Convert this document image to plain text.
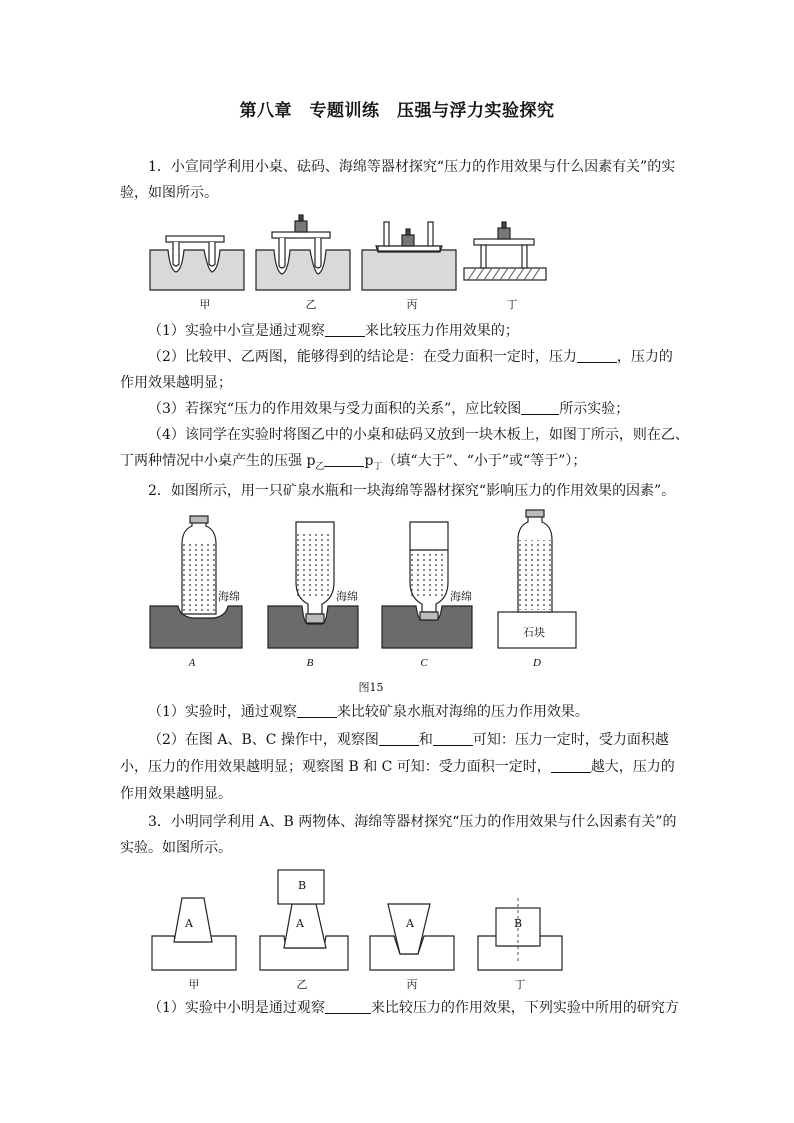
第八章　专题训练　压强与浮力实验探究
1．小宣同学利用小桌、砝码、海绵等器材探究“压力的作用效果与什么因素有关”的实
验，如图所示。
甲	乙	丙	丁
（1）实验中小宣是通过观察	来比较压力作用效果的；
（2）比较甲、乙两图，能够得到的结论是：在受力面积一定时，压力	，压力的
作用效果越明显；
（3）若探究“压力的作用效果与受力面积的关系”，应比较图	所示实验；
（4）该同学在实验时将图乙中的小桌和砝码又放到一块木板上，如图丁所示，则在乙、
丁两种情况中小桌产生的压强 $p_乙$	$p_丁$（填“大于”、“小于”或“等于”）；
2．如图所示，用一只矿泉水瓶和一块海绵等器材探究“影响压力的作用效果的因素”。
海绵	海绵	海绵
石块
A	B	C	D
图15
（1）实验时，通过观察	来比较矿泉水瓶对海绵的压力作用效果。
（2）在图 A、B、C 操作中，观察图	和	可知：压力一定时，受力面积越
小，压力的作用效果越明显；观察图 B 和 C 可知：受力面积一定时，	越大，压力的
作用效果越明显。
3．小明同学利用 A、B 两物体、海绵等器材探究“压力的作用效果与什么因素有关”的
实验。如图所示。
A	A
B
A	B
甲	乙	丙	丁
（1）实验中小明是通过观察	来比较压力的作用效果，下列实验中所用的研究方
